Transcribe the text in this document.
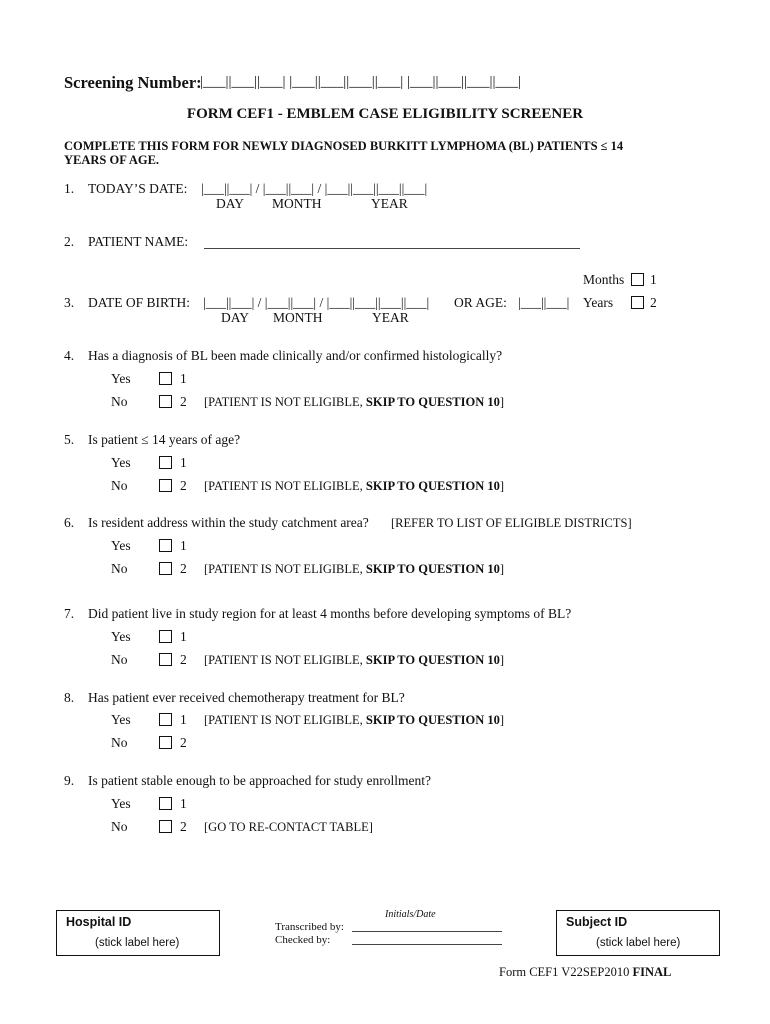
Screening Number:
|___||___||___| |___||___||___||___| |___||___||___||___|
FORM CEF1 - EMBLEM CASE ELIGIBILITY SCREENER
COMPLETE THIS FORM FOR NEWLY DIAGNOSED BURKITT LYMPHOMA (BL) PATIENTS ≤ 14
YEARS OF AGE.
1. TODAY’S DATE: |___||___| / |___||___| / |___||___||___||___|
DAY MONTH	YEAR
2. PATIENT NAME:
Months 1
3. DATE OF BIRTH: |___||___| / |___||___| / |___||___||___||___| OR AGE: |___||___| Years	2
DAY MONTH	YEAR
4. Has a diagnosis of BL been made clinically and/or confirmed histologically?
Yes	1
No	2 [PATIENT IS NOT ELIGIBLE, SKIP TO QUESTION 10]
5. Is patient ≤ 14 years of age?
Yes	1
No	2 [PATIENT IS NOT ELIGIBLE, SKIP TO QUESTION 10]
6. Is resident address within the study catchment area? [REFER TO LIST OF ELIGIBLE DISTRICTS]
Yes	1
No	2 [PATIENT IS NOT ELIGIBLE, SKIP TO QUESTION 10]
7. Did patient live in study region for at least 4 months before developing symptoms of BL?
Yes	1
No	2 [PATIENT IS NOT ELIGIBLE, SKIP TO QUESTION 10]
8. Has patient ever received chemotherapy treatment for BL?
Yes	1 [PATIENT IS NOT ELIGIBLE, SKIP TO QUESTION 10]
No	2
9. Is patient stable enough to be approached for study enrollment?
Yes	1
No	2 [GO TO RE-CONTACT TABLE]
Hospital ID
(stick label here)
Initials/Date
Transcribed by:
Checked by:
Subject ID
(stick label here)
Form CEF1 V22SEP2010 FINAL
